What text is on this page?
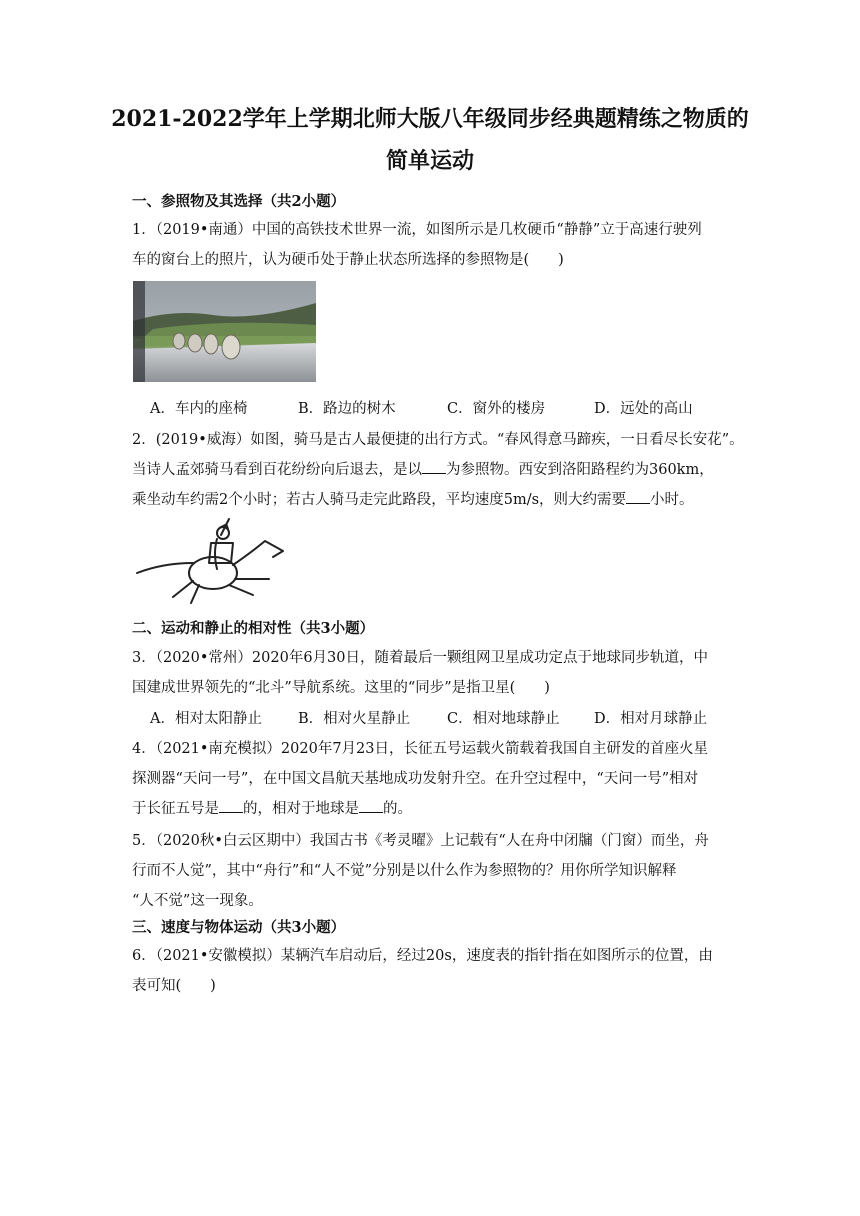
2021-2022学年上学期北师大版八年级同步经典题精练之物质的
简单运动
一、参照物及其选择（共2小题）
1．（2019•南通）中国的高铁技术世界一流，如图所示是几枚硬币“静静”立于高速行驶列
车的窗台上的照片，认为硬币处于静止状态所选择的参照物是(　　)
A．车内的座椅	B．路边的树木	C．窗外的楼房	D．远处的高山
2．(2019•威海）如图，骑马是古人最便捷的出行方式。“春风得意马蹄疾，一日看尽长安花”。
当诗人孟郊骑马看到百花纷纷向后退去，是以 为参照物。西安到洛阳路程约为360km，
乘坐动车约需2个小时；若古人骑马走完此路段，平均速度5m/s，则大约需要 小时。
二、运动和静止的相对性（共3小题）
3．（2020•常州）2020年6月30日，随着最后一颗组网卫星成功定点于地球同步轨道，中
国建成世界领先的“北斗”导航系统。这里的“同步”是指卫星(　　)
A．相对太阳静止 B．相对火星静止	C．相对地球静止 D．相对月球静止
4．（2021•南充模拟）2020年7月23日，长征五号运载火箭载着我国自主研发的首座火星
探测器“天问一号”，在中国文昌航天基地成功发射升空。在升空过程中，“天问一号”相对
于长征五号是 的，相对于地球是 的。
5．（2020秋•白云区期中）我国古书《考灵曜》上记载有“人在舟中闭牖（门窗）而坐，舟
行而不人觉”，其中“舟行”和“人不觉”分别是以什么作为参照物的？用你所学知识解释
“人不觉”这一现象。
三、速度与物体运动（共3小题）
6．（2021•安徽模拟）某辆汽车启动后，经过20s，速度表的指针指在如图所示的位置，由
表可知(　　)
